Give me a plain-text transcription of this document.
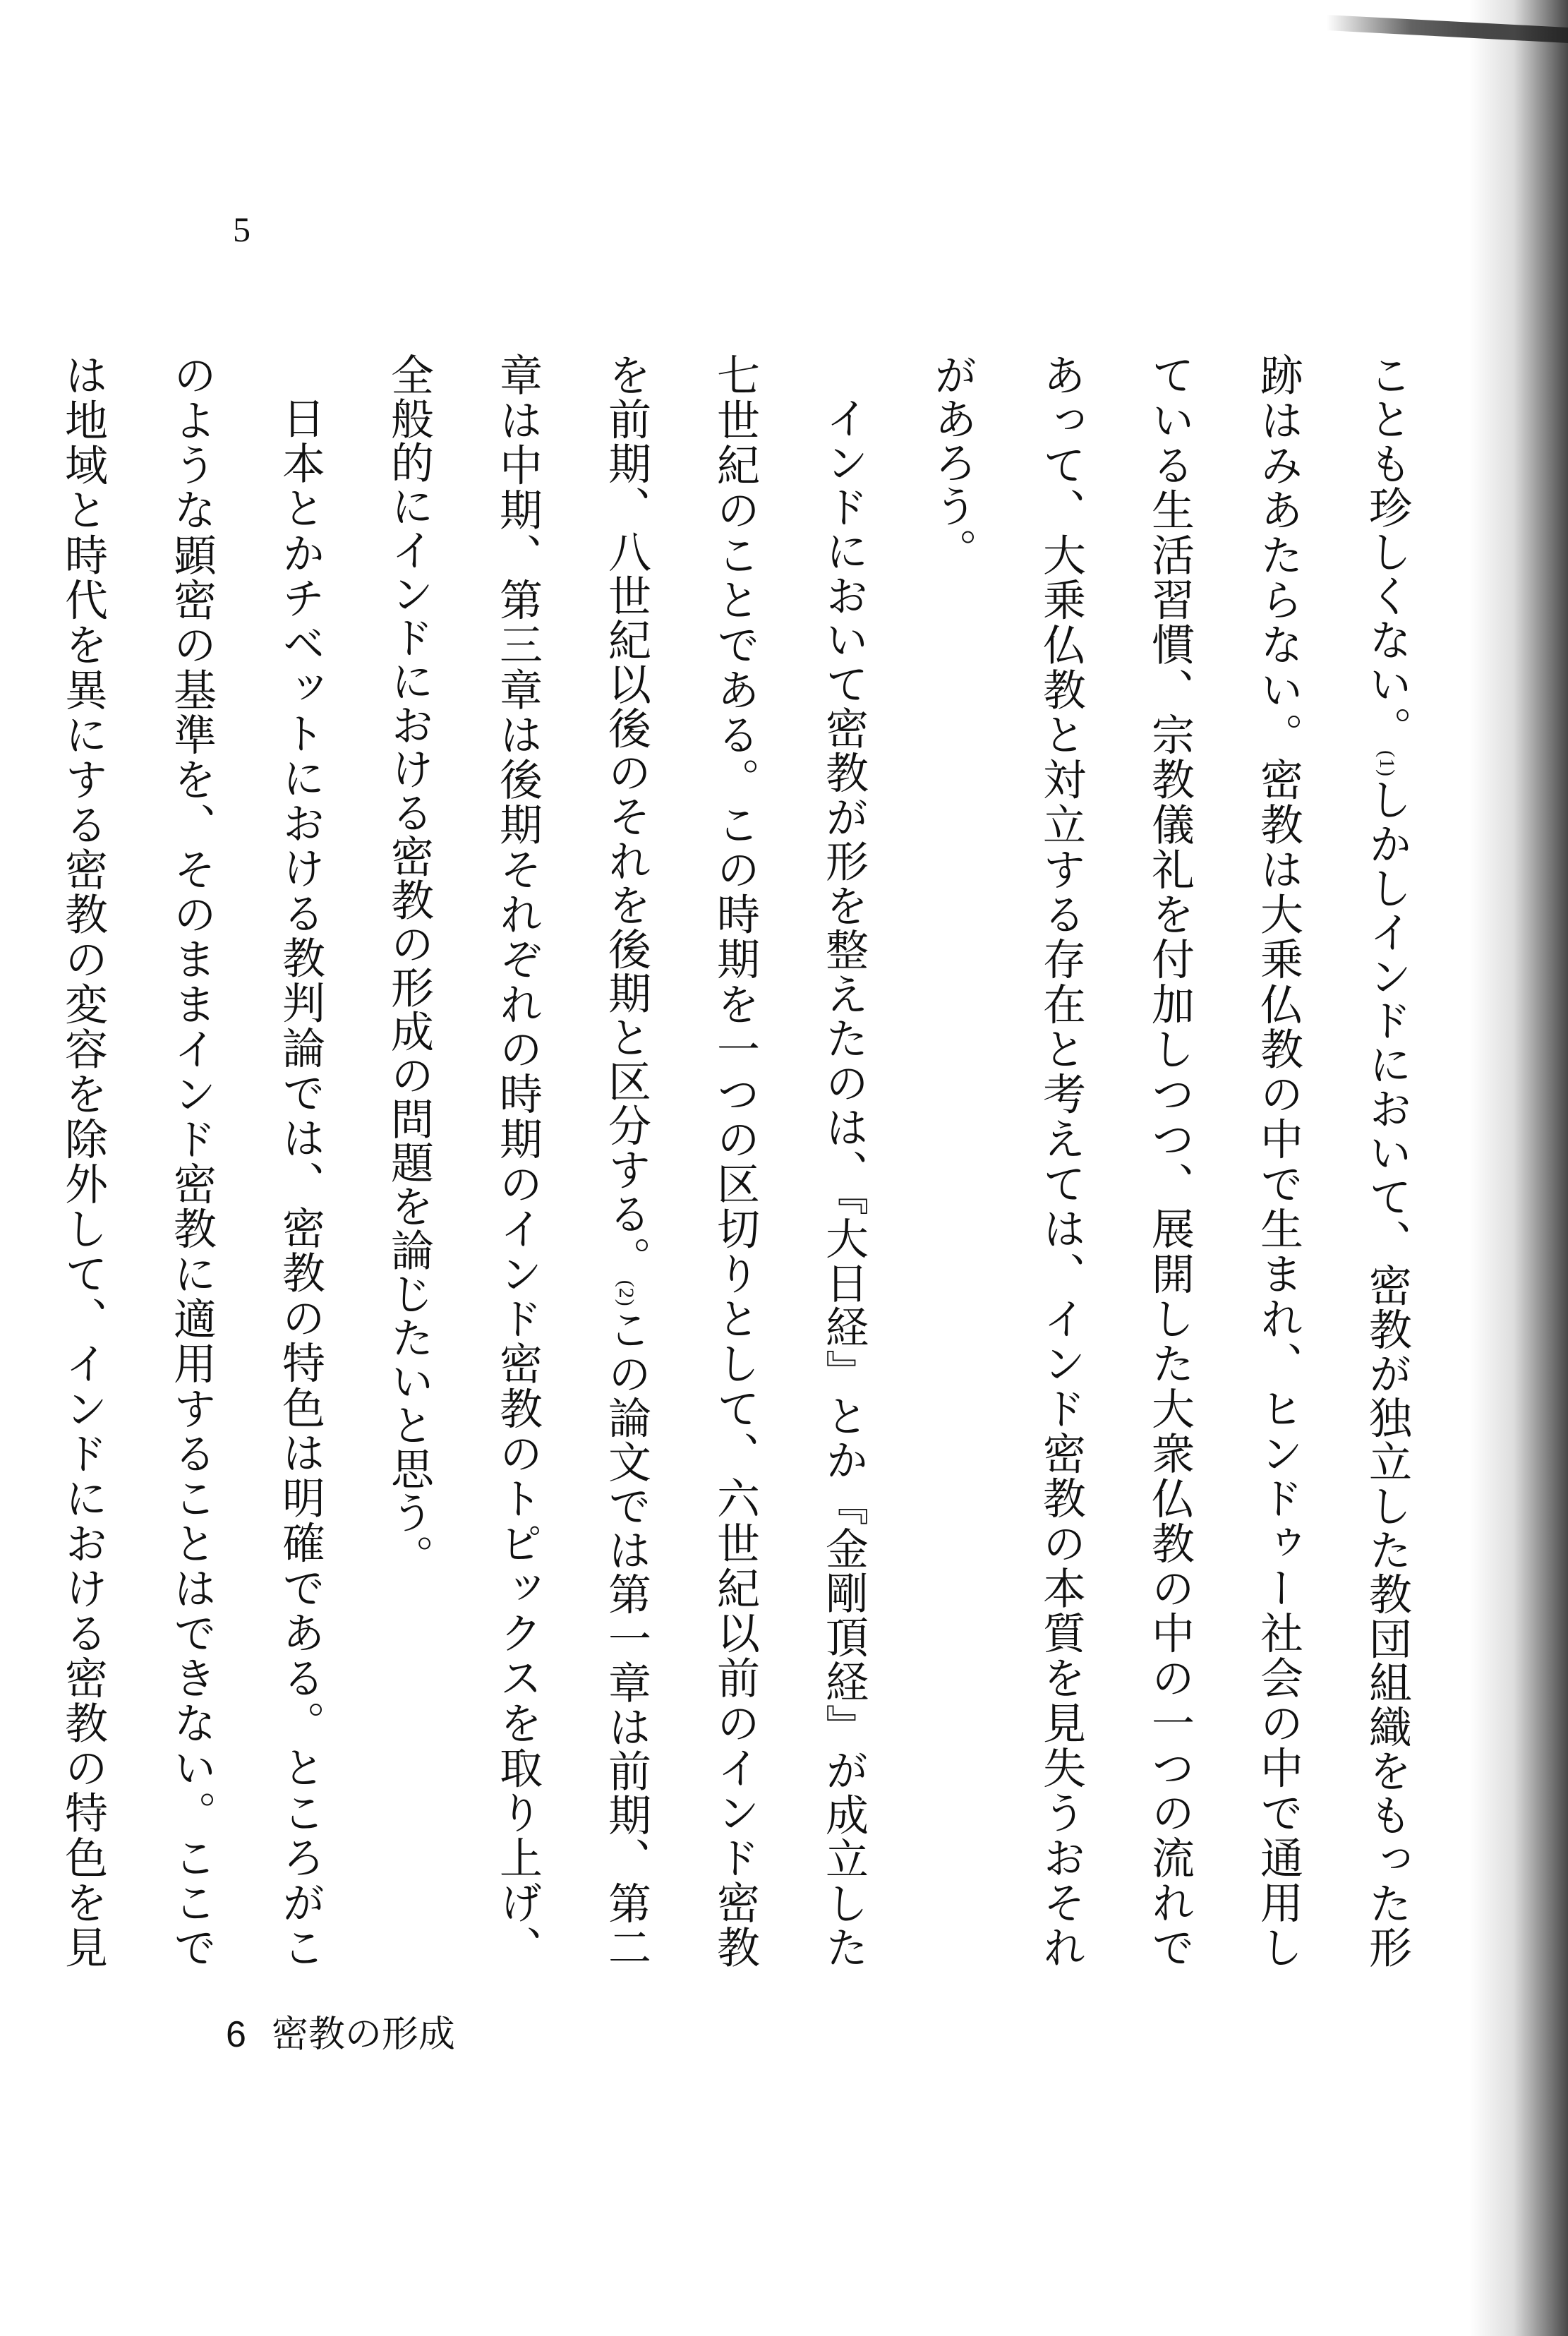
5

ことも珍しくない。(1)しかしインドにおいて、密教が独立した教団組織をもった形跡はみあたらない。密教は大乗仏教の中で生まれ、ヒンドゥー社会の中で通用している生活習慣、宗教儀礼を付加しつつ、展開した大衆仏教の中の一つの流れであって、大乗仏教と対立する存在と考えては、インド密教の本質を見失うおそれがあろう。

インドにおいて密教が形を整えたのは、『大日経』とか『金剛頂経』が成立した七世紀のことである。この時期を一つの区切りとして、六世紀以前のインド密教を前期、八世紀以後のそれを後期と区分する。(2)この論文では第一章は前期、第二章は中期、第三章は後期それぞれの時期のインド密教のトピックスを取り上げ、全般的にインドにおける密教の形成の問題を論じたいと思う。

日本とかチベットにおける教判論では、密教の特色は明確である。ところがこのような顕密の基準を、そのままインド密教に適用することはできない。ここでは地域と時代を異にする密教の変容を除外して、インドにおける密教の特色を見

6 密教の形成
